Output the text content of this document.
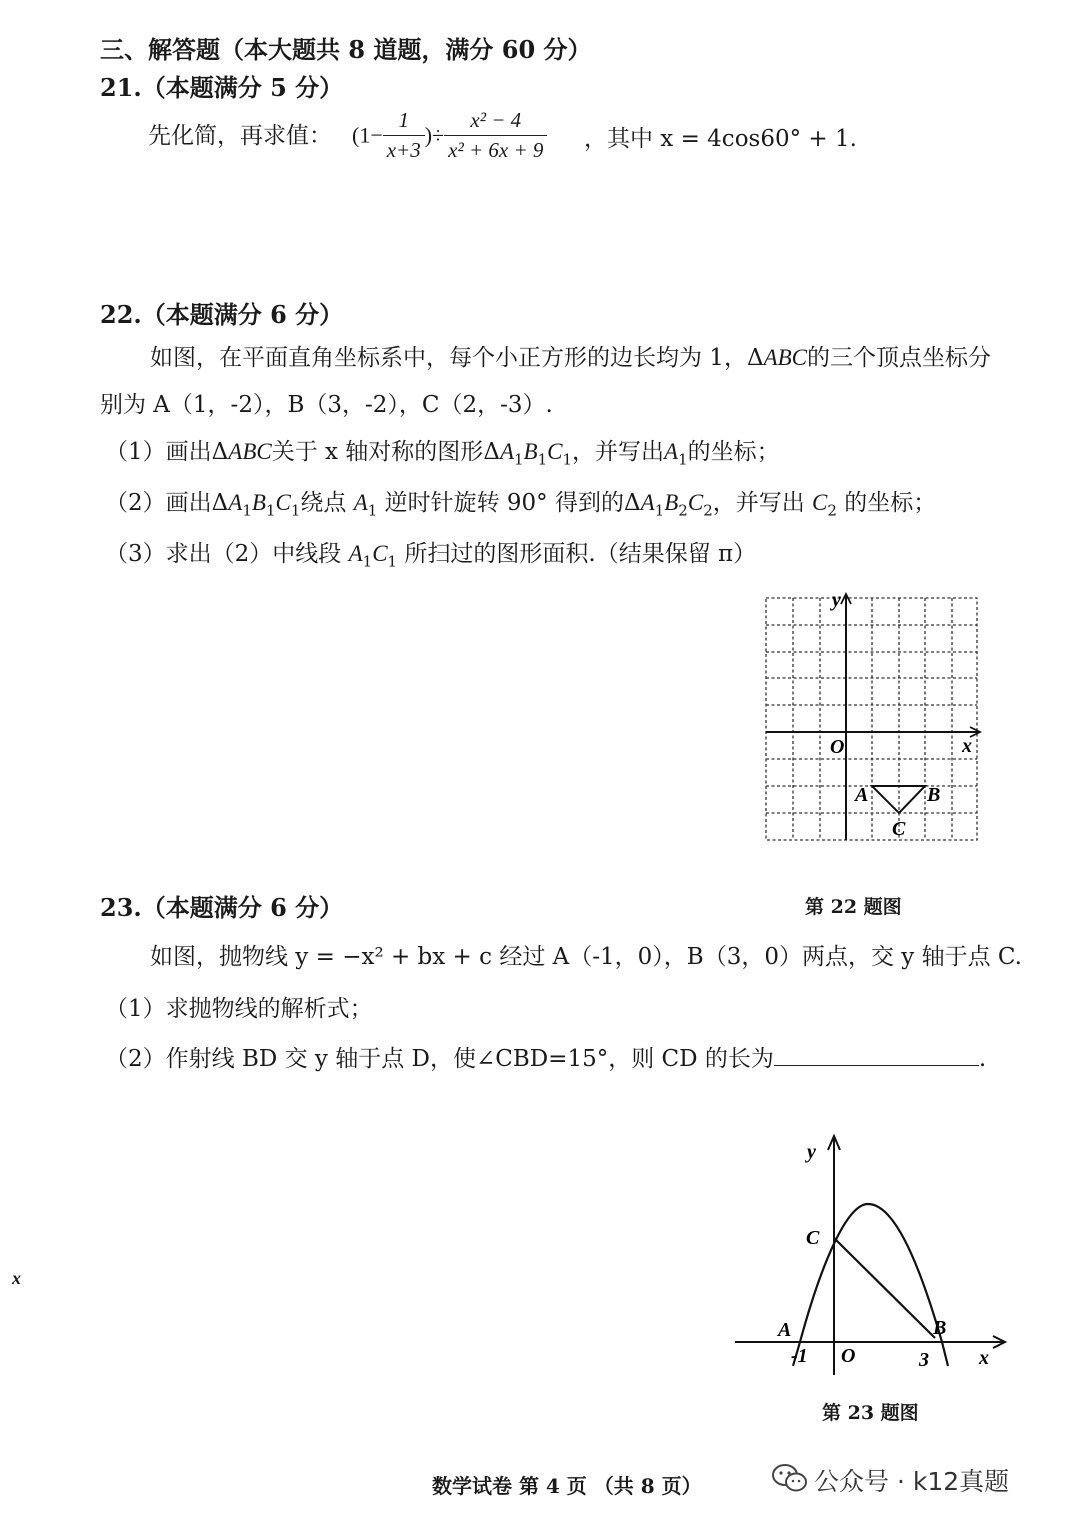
三、解答题（本大题共 8 道题，满分 60 分）
21.（本题满分 5 分）
先化简，再求值： ($1- \frac{1}{x+3}$ )÷ $\frac{\text{x² − 4}}{\text{x² + 6x + 9}}$ ，其中 x = 4cos60° + 1.
22.（本题满分 6 分）
如图，在平面直角坐标系中，每个小正方形的边长均为 1，ΔABC的三个顶点坐标分
别为 A（1，-2），B（3，-2），C（2，-3）.
（1）画出ΔABC关于 x 轴对称的图形$\Delta A_1B_1C_1$，并写出$A_1$的坐标；
（2）画出$\Delta A_1B_1C_1$绕点 $A_1$ 逆时针旋转 90° 得到的$\Delta A_1B_2C_2$，并写出 $C_2$ 的坐标；
（3）求出（2）中线段 $A_1C_1$ 所扫过的图形面积.（结果保留 π）
y
x
O
A	B
C
第 22 题图
23.（本题满分 6 分）
如图，抛物线 y = −x² + bx + c 经过 A（-1，0），B（3，0）两点，交 y 轴于点 C.
（1）求抛物线的解析式；
（2）作射线 BD 交 y 轴于点 D，使∠CBD=15°，则 CD 的长为	.
x
y
x
O
C
A	B
-1	3
第 23 题图
数学试卷 第 4 页 （共 8 页）	公众号 · k12真题
